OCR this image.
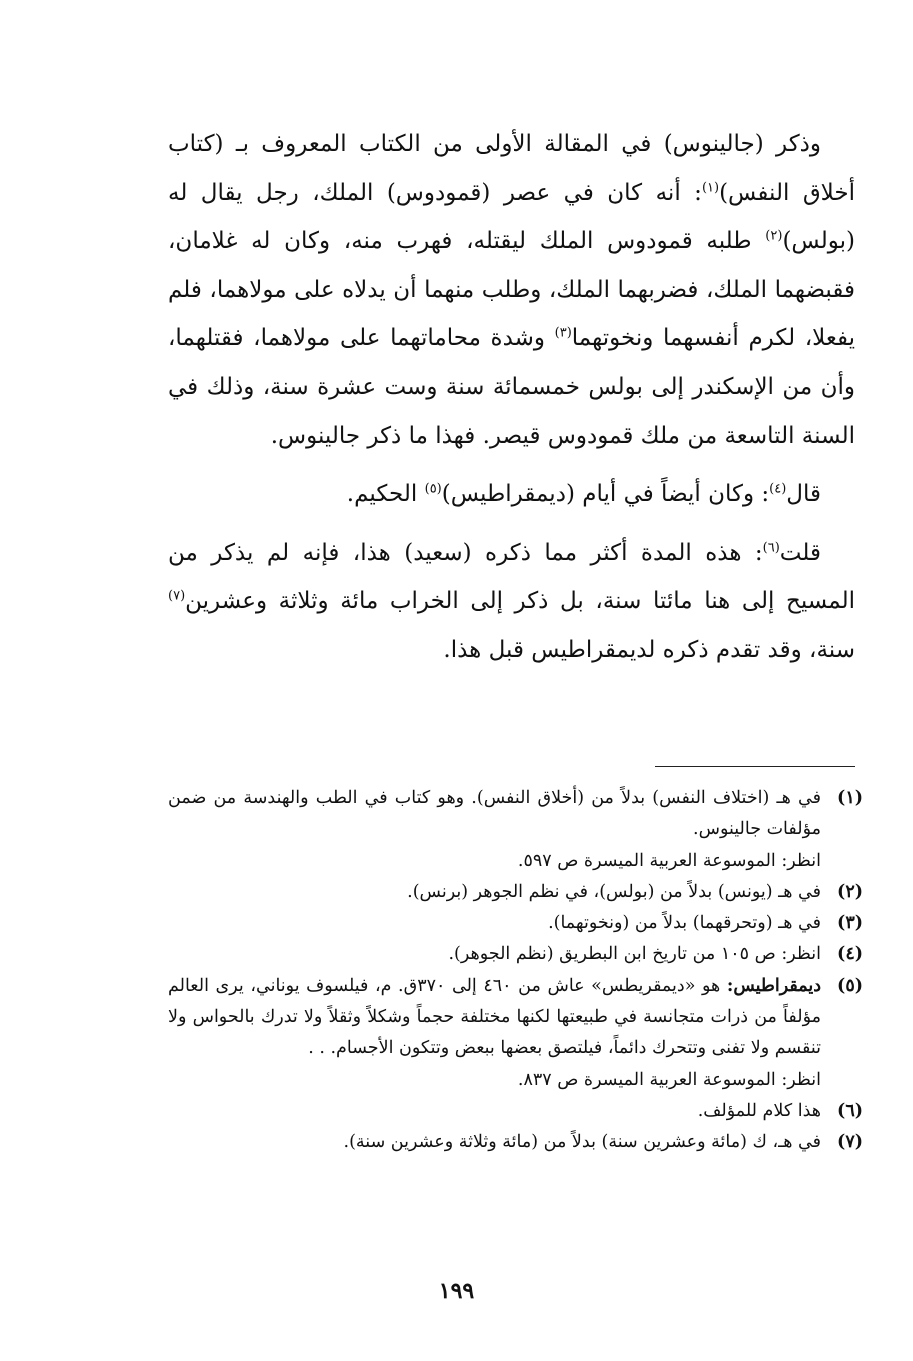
وذكر (جالينوس) في المقالة الأولى من الكتاب المعروف بـ (كتاب أخلاق النفس)$^{(١)}$: أنه كان في عصر (قمودوس) الملك، رجل يقال له (بولس)$^{(٢)}$ طلبه قمودوس الملك ليقتله، فهرب منه، وكان له غلامان، فقبضهما الملك، فضربهما الملك، وطلب منهما أن يدلاه على مولاهما، فلم يفعلا، لكرم أنفسهما ونخوتهما$^{(٣)}$ وشدة محاماتهما على مولاهما، فقتلهما، وأن من الإسكندر إلى بولس خمسمائة سنة وست عشرة سنة، وذلك في السنة التاسعة من ملك قمودوس قيصر. فهذا ما ذكر جالينوس.

قال$^{(٤)}$: وكان أيضاً في أيام (ديمقراطيس)$^{(٥)}$ الحكيم.

قلت$^{(٦)}$: هذه المدة أكثر مما ذكره (سعيد) هذا، فإنه لم يذكر من المسيح إلى هنا مائتا سنة، بل ذكر إلى الخراب مائة وثلاثة وعشرين$^{(٧)}$ سنة، وقد تقدم ذكره لديمقراطيس قبل هذا.

(١)
في هـ (اختلاف النفس) بدلاً من (أخلاق النفس). وهو كتاب في الطب والهندسة من ضمن مؤلفات جالينوس.
انظر: الموسوعة العربية الميسرة ص ٥٩٧.
(٢)
في هـ (يونس) بدلاً من (بولس)، في نظم الجوهر (برنس).
(٣)
في هـ (وتحرقهما) بدلاً من (ونخوتهما).
(٤)
انظر: ص ١٠٥ من تاريخ ابن البطريق (نظم الجوهر).
(٥)
ديمقراطيس: هو «ديمقريطس» عاش من ٤٦٠ إلى ٣٧٠ق. م، فيلسوف يوناني، يرى العالم مؤلفاً من ذرات متجانسة في طبيعتها لكنها مختلفة حجماً وشكلاً وثقلاً ولا تدرك بالحواس ولا تنقسم ولا تفنى وتتحرك دائماً، فيلتصق بعضها ببعض وتتكون الأجسام. . .
انظر: الموسوعة العربية الميسرة ص ٨٣٧.
(٦)
هذا كلام للمؤلف.
(٧)
في هـ، ك (مائة وعشرين سنة) بدلاً من (مائة وثلاثة وعشرين سنة).
١٩٩
